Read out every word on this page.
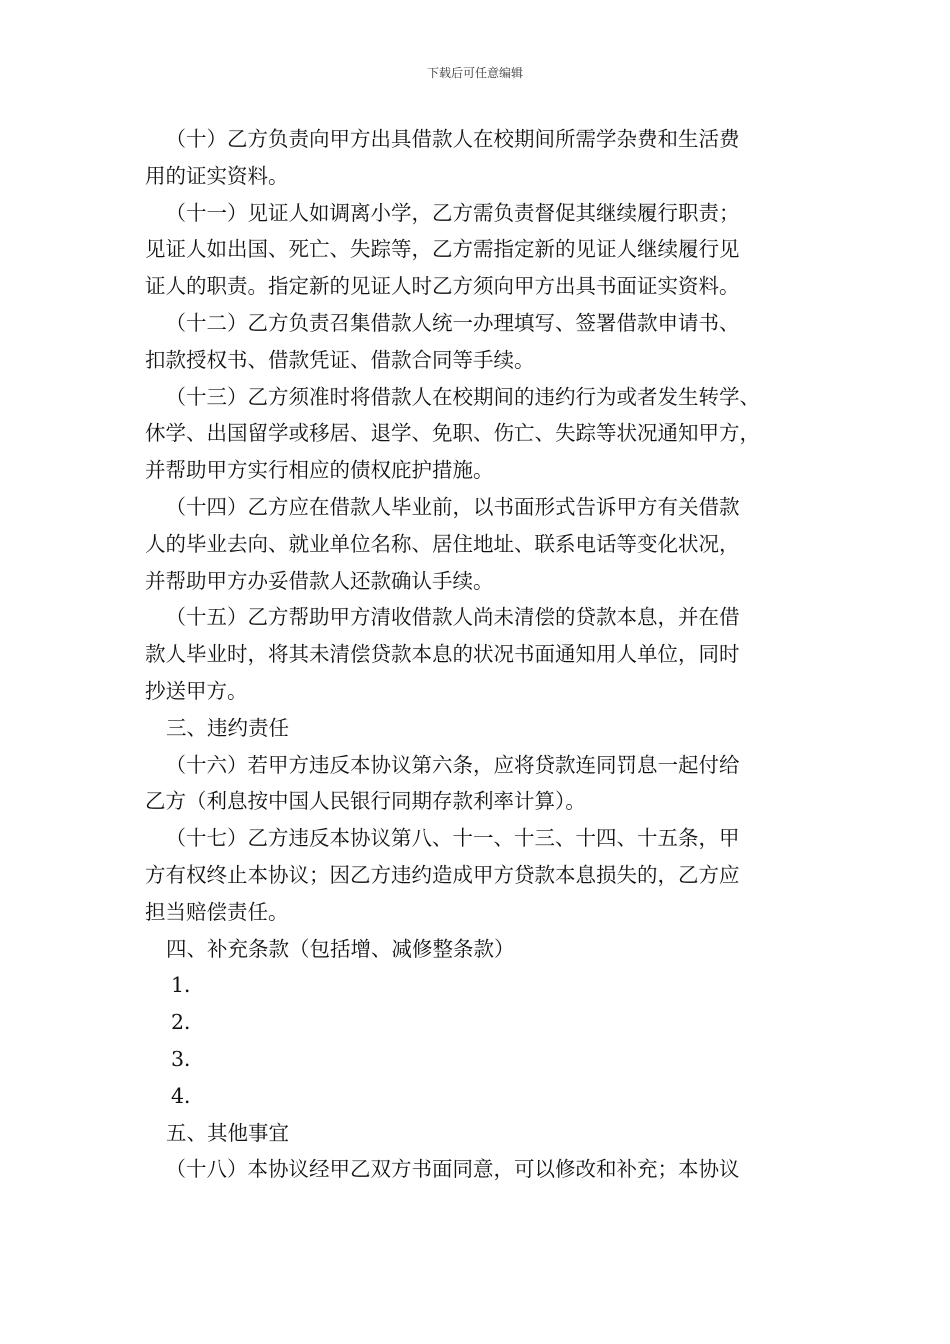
下载后可任意编辑
（十）乙方负责向甲方出具借款人在校期间所需学杂费和生活费
用的证实资料。
（十一）见证人如调离小学，乙方需负责督促其继续履行职责；
见证人如出国、死亡、失踪等，乙方需指定新的见证人继续履行见
证人的职责。指定新的见证人时乙方须向甲方出具书面证实资料。
（十二）乙方负责召集借款人统一办理填写、签署借款申请书、
扣款授权书、借款凭证、借款合同等手续。
（十三）乙方须准时将借款人在校期间的违约行为或者发生转学、
休学、出国留学或移居、退学、免职、伤亡、失踪等状况通知甲方，
并帮助甲方实行相应的债权庇护措施。
（十四）乙方应在借款人毕业前，以书面形式告诉甲方有关借款
人的毕业去向、就业单位名称、居住地址、联系电话等变化状况，
并帮助甲方办妥借款人还款确认手续。
（十五）乙方帮助甲方清收借款人尚未清偿的贷款本息，并在借
款人毕业时，将其未清偿贷款本息的状况书面通知用人单位，同时
抄送甲方。
三、违约责任
（十六）若甲方违反本协议第六条，应将贷款连同罚息一起付给
乙方（利息按中国人民银行同期存款利率计算）。
（十七）乙方违反本协议第八、十一、十三、十四、十五条，甲
方有权终止本协议；因乙方违约造成甲方贷款本息损失的，乙方应
担当赔偿责任。
四、补充条款（包括增、减修整条款）
1．
2．
3．
4．
五、其他事宜
（十八）本协议经甲乙双方书面同意，可以修改和补充；本协议
